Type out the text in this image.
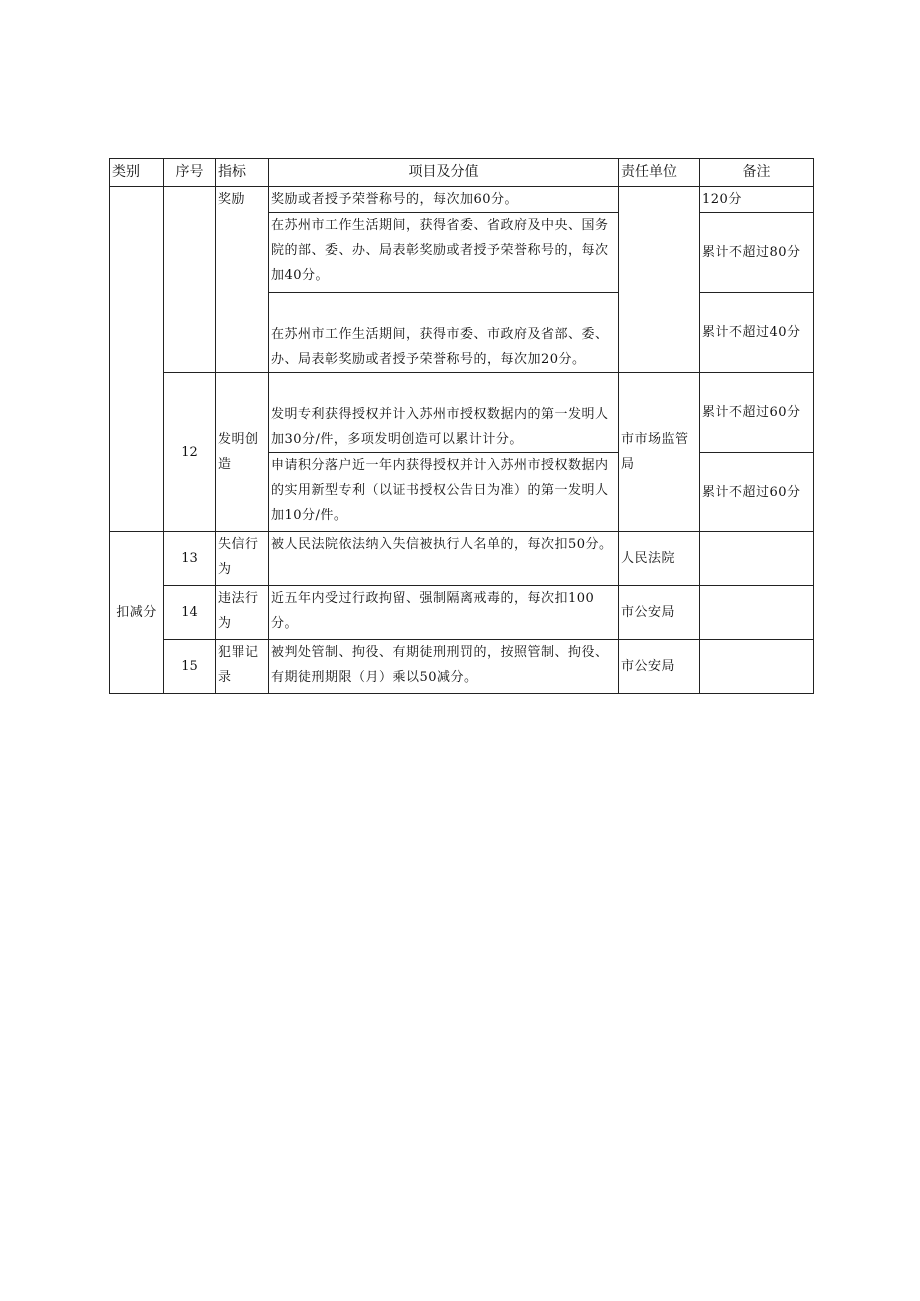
类别	序号	指标	项目及分值	责任单位	备注
		奖励	奖励或者授予荣誉称号的，每次加60分。		120分
			在苏州市工作生活期间，获得省委、省政府及中央、国务院的部、委、办、局表彰奖励或者授予荣誉称号的，每次加40分。		累计不超过80分
			在苏州市工作生活期间，获得市委、市政府及省部、委、办、局表彰奖励或者授予荣誉称号的，每次加20分。		累计不超过40分
	12	发明创造	发明专利获得授权并计入苏州市授权数据内的第一发明人加30分/件，多项发明创造可以累计计分。	市市场监管局	累计不超过60分
			申请积分落户近一年内获得授权并计入苏州市授权数据内的实用新型专利（以证书授权公告日为准）的第一发明人加10分/件。		累计不超过60分
扣减分	13	失信行为	被人民法院依法纳入失信被执行人名单的，每次扣50分。	人民法院	
	14	违法行为	近五年内受过行政拘留、强制隔离戒毒的，每次扣100分。	市公安局	
	15	犯罪记录	被判处管制、拘役、有期徒刑刑罚的，按照管制、拘役、有期徒刑期限（月）乘以50减分。	市公安局	
